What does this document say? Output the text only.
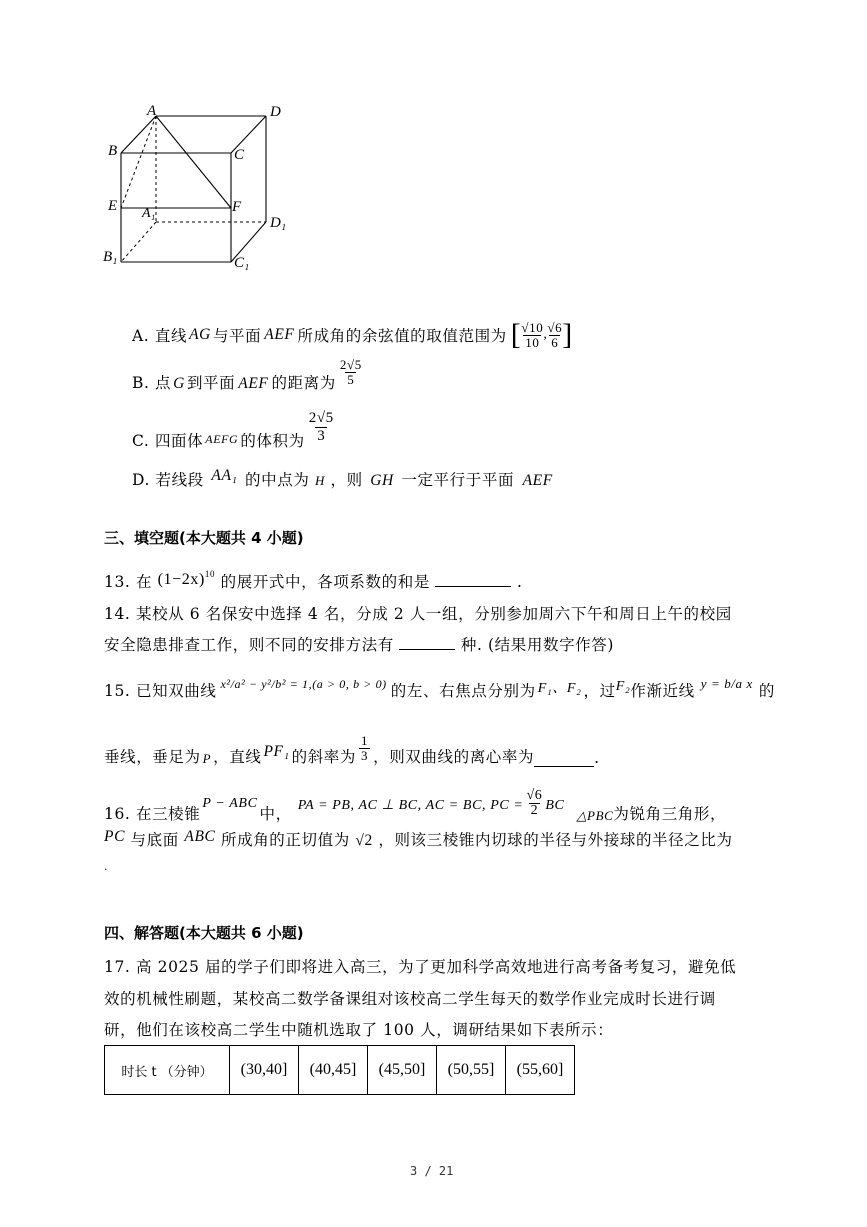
A	D
B	C
E	F
A₁
D₁
B₁	C₁
A. 直线 AG 与平面 AEF 所成角的余弦值的取值范围为 [ $\frac{√10}{10}$ , $\frac{√6}{6}$ ]
B. 点 G 到平面 AEF 的距离为 $\frac{2√5}{5}$
C. 四面体 AEFG 的体积为 $\frac{2√5}{3}$
D. 若线段 AA₁ 的中点为 H ，则 GH 一定平行于平面 AEF
三、填空题(本大题共 4 小题)
13. 在 $(1-2x)^{10}$ 的展开式中，各项系数的和是	.
14. 某校从 6 名保安中选择 4 名，分成 2 人一组，分别参加周六下午和周日上午的校园
安全隐患排查工作，则不同的安排方法有	种. (结果用数字作答)
15. 已知双曲线 x²/a² − y²/b² = 1,(a > 0, b > 0) 的左、右焦点分别为 F₁、F₂ ，过 F₂ 作渐近线 y = b/a x 的
垂线，垂足为 P ，直线 PF₁ 的斜率为 $\frac{1}{3}$ ，则双曲线的离心率为	.
16. 在三棱锥
P − ABC
中， PA = PB, AC ⊥ BC, AC = BC, PC = $\frac{√6}{2}$ BC
△PBC 为锐角三角形，
PC 与底面 ABC 所成角的正切值为 √2 ，则该三棱锥内切球的半径与外接球的半径之比为
.
四、解答题(本大题共 6 小题)
17. 高 2025 届的学子们即将进入高三，为了更加科学高效地进行高考备考复习，避免低
效的机械性刷题，某校高二数学备课组对该校高二学生每天的数学作业完成时长进行调
研，他们在该校高二学生中随机选取了 100 人，调研结果如下表所示：
时长 t （分钟）	(30,40]	(40,45]	(45,50]	(50,55]	(55,60]
3 / 21
